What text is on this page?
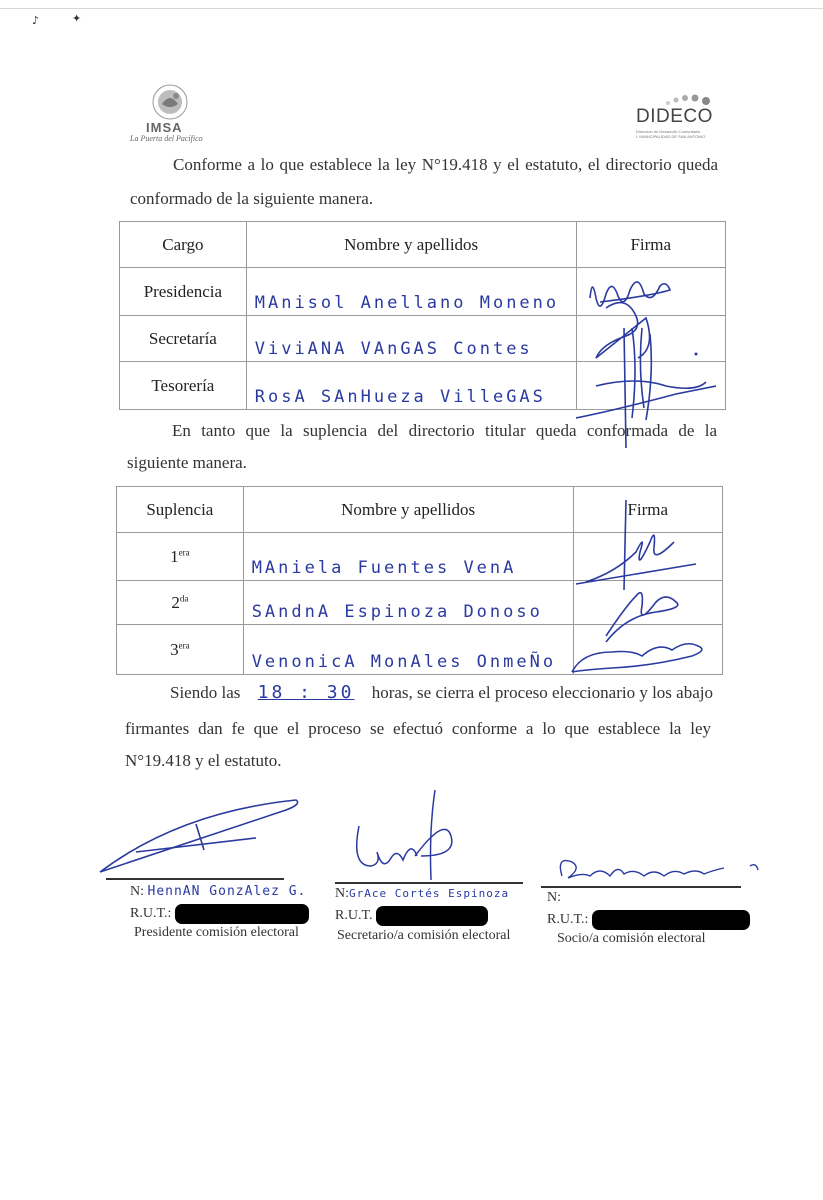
♪	✦
IMSA
La Puerta del Pacífico
DIDECO
Dirección de Desarrollo Comunitario
I. MUNICIPALIDAD DE SAN ANTONIO
Conforme a lo que establece la ley N°19.418 y el estatuto, el directorio queda
conformado de la siguiente manera.
Cargo	Nombre y apellidos	Firma
Presidencia	MAnisol Anellano Moneno	
Secretaría	ViviANA VAnGAS Contes	
Tesorería	RosA SAnHueza VilleGAS	
En tanto que la suplencia del directorio titular queda conformada de la
siguiente manera.
Suplencia	Nombre y apellidos	Firma
$1^{era}$	MAniela Fuentes VenA	
$2^{da}$	SAndnA Espinoza Donoso	
$3^{era}$	VenonicA MonAles OnmeÑo	
Siendo las 18 : 30 horas, se cierra el proceso eleccionario y los abajo
firmantes dan fe que el proceso se efectuó conforme a lo que establece la ley
N°19.418 y el estatuto.
N: HennAN GonzAlez G.
R.U.T.:
Presidente comisión electoral
N:GrAce Cortés Espinoza
R.U.T.
Secretario/a comisión electoral
N:
R.U.T.:
Socio/a comisión electoral
